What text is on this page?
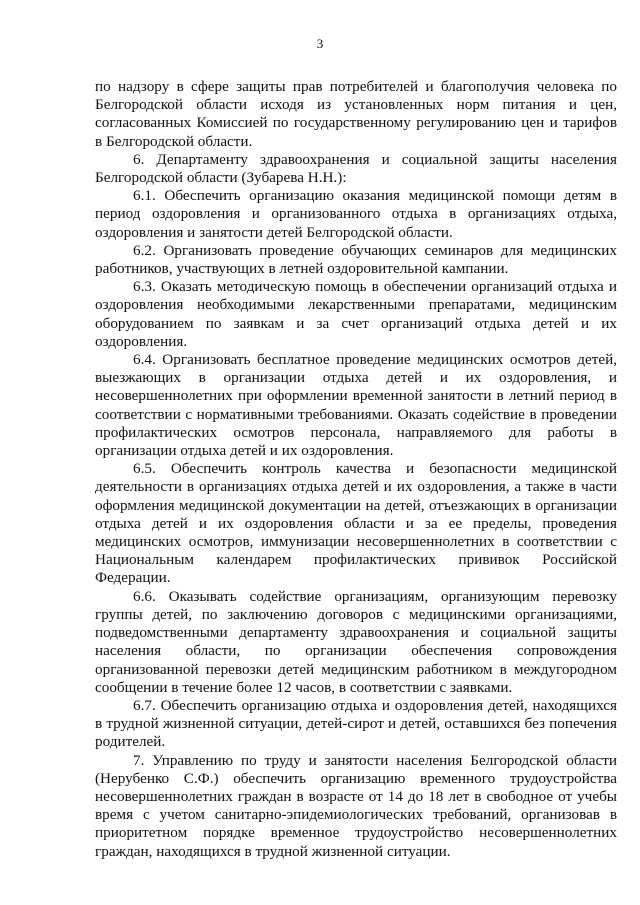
3

по надзору в сфере защиты прав потребителей и благополучия человека по Белгородской области исходя из установленных норм питания и цен, согласованных Комиссией по государственному регулированию цен и тарифов в Белгородской области.

6. Департаменту здравоохранения и социальной защиты населения Белгородской области (Зубарева Н.Н.):

6.1. Обеспечить организацию оказания медицинской помощи детям в период оздоровления и организованного отдыха в организациях отдыха, оздоровления и занятости детей Белгородской области.

6.2. Организовать проведение обучающих семинаров для медицинских работников, участвующих в летней оздоровительной кампании.

6.3. Оказать методическую помощь в обеспечении организаций отдыха и оздоровления необходимыми лекарственными препаратами, медицинским оборудованием по заявкам и за счет организаций отдыха детей и их оздоровления.

6.4. Организовать бесплатное проведение медицинских осмотров детей, выезжающих в организации отдыха детей и их оздоровления, и несовершеннолетних при оформлении временной занятости в летний период в соответствии с нормативными требованиями. Оказать содействие в проведении профилактических осмотров персонала, направляемого для работы в организации отдыха детей и их оздоровления.

6.5. Обеспечить контроль качества и безопасности медицинской деятельности в организациях отдыха детей и их оздоровления, а также в части оформления медицинской документации на детей, отъезжающих в организации отдыха детей и их оздоровления области и за ее пределы, проведения медицинских осмотров, иммунизации несовершеннолетних в соответствии с Национальным календарем профилактических прививок Российской Федерации.

6.6. Оказывать содействие организациям, организующим перевозку группы детей, по заключению договоров с медицинскими организациями, подведомственными департаменту здравоохранения и социальной защиты населения области, по организации обеспечения сопровождения организованной перевозки детей медицинским работником в междугородном сообщении в течение более 12 часов, в соответствии с заявками.

6.7. Обеспечить организацию отдыха и оздоровления детей, находящихся в трудной жизненной ситуации, детей-сирот и детей, оставшихся без попечения родителей.

7. Управлению по труду и занятости населения Белгородской области (Нерубенко С.Ф.) обеспечить организацию временного трудоустройства несовершеннолетних граждан в возрасте от 14 до 18 лет в свободное от учебы время с учетом санитарно-эпидемиологических требований, организовав в приоритетном порядке временное трудоустройство несовершеннолетних граждан, находящихся в трудной жизненной ситуации.
